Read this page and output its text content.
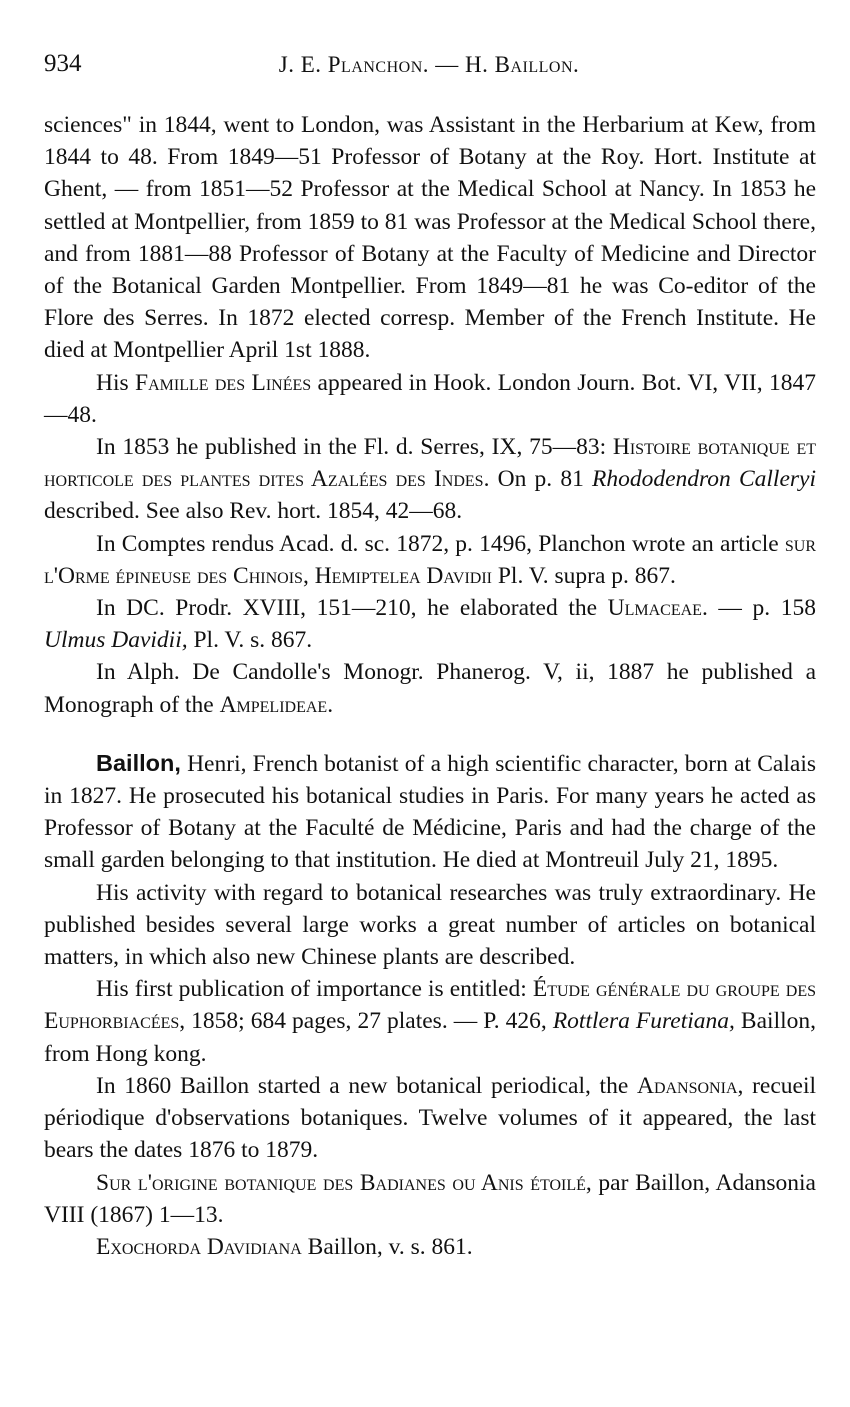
934	J. E. Planchon. — H. Baillon.

sciences" in 1844, went to London, was Assistant in the Herbarium at Kew, from 1844 to 48. From 1849—51 Professor of Botany at the Roy. Hort. Institute at Ghent, — from 1851—52 Professor at the Medical School at Nancy. In 1853 he settled at Montpellier, from 1859 to 81 was Professor at the Medical School there, and from 1881—88 Professor of Botany at the Faculty of Medicine and Director of the Botanical Garden Montpellier. From 1849—81 he was Co-editor of the Flore des Serres. In 1872 elected corresp. Member of the French Institute. He died at Montpellier April 1st 1888.

His Famille des Linées appeared in Hook. London Journ. Bot. VI, VII, 1847—48.

In 1853 he published in the Fl. d. Serres, IX, 75—83: Histoire botanique et horticole des plantes dites Azalées des Indes. On p. 81 Rhododendron Calleryi described. See also Rev. hort. 1854, 42—68.

In Comptes rendus Acad. d. sc. 1872, p. 1496, Planchon wrote an article sur l'Orme épineuse des Chinois, Hemiptelea Davidii Pl. V. supra p. 867.

In DC. Prodr. XVIII, 151—210, he elaborated the Ulmaceae. — p. 158 Ulmus Davidii, Pl. V. s. 867.

In Alph. De Candolle's Monogr. Phanerog. V, ii, 1887 he published a Monograph of the Ampelideae.

Baillon, Henri, French botanist of a high scientific character, born at Calais in 1827. He prosecuted his botanical studies in Paris. For many years he acted as Professor of Botany at the Faculté de Médicine, Paris and had the charge of the small garden belonging to that institution. He died at Montreuil July 21, 1895.

His activity with regard to botanical researches was truly extraordinary. He published besides several large works a great number of articles on botanical matters, in which also new Chinese plants are described.

His first publication of importance is entitled: Étude générale du groupe des Euphorbiacées, 1858; 684 pages, 27 plates. — P. 426, Rottlera Furetiana, Baillon, from Hong kong.

In 1860 Baillon started a new botanical periodical, the Adansonia, recueil périodique d'observations botaniques. Twelve volumes of it appeared, the last bears the dates 1876 to 1879.

Sur l'origine botanique des Badianes ou Anis étoilé, par Baillon, Adansonia VIII (1867) 1—13.

Exochorda Davidiana Baillon, v. s. 861.
